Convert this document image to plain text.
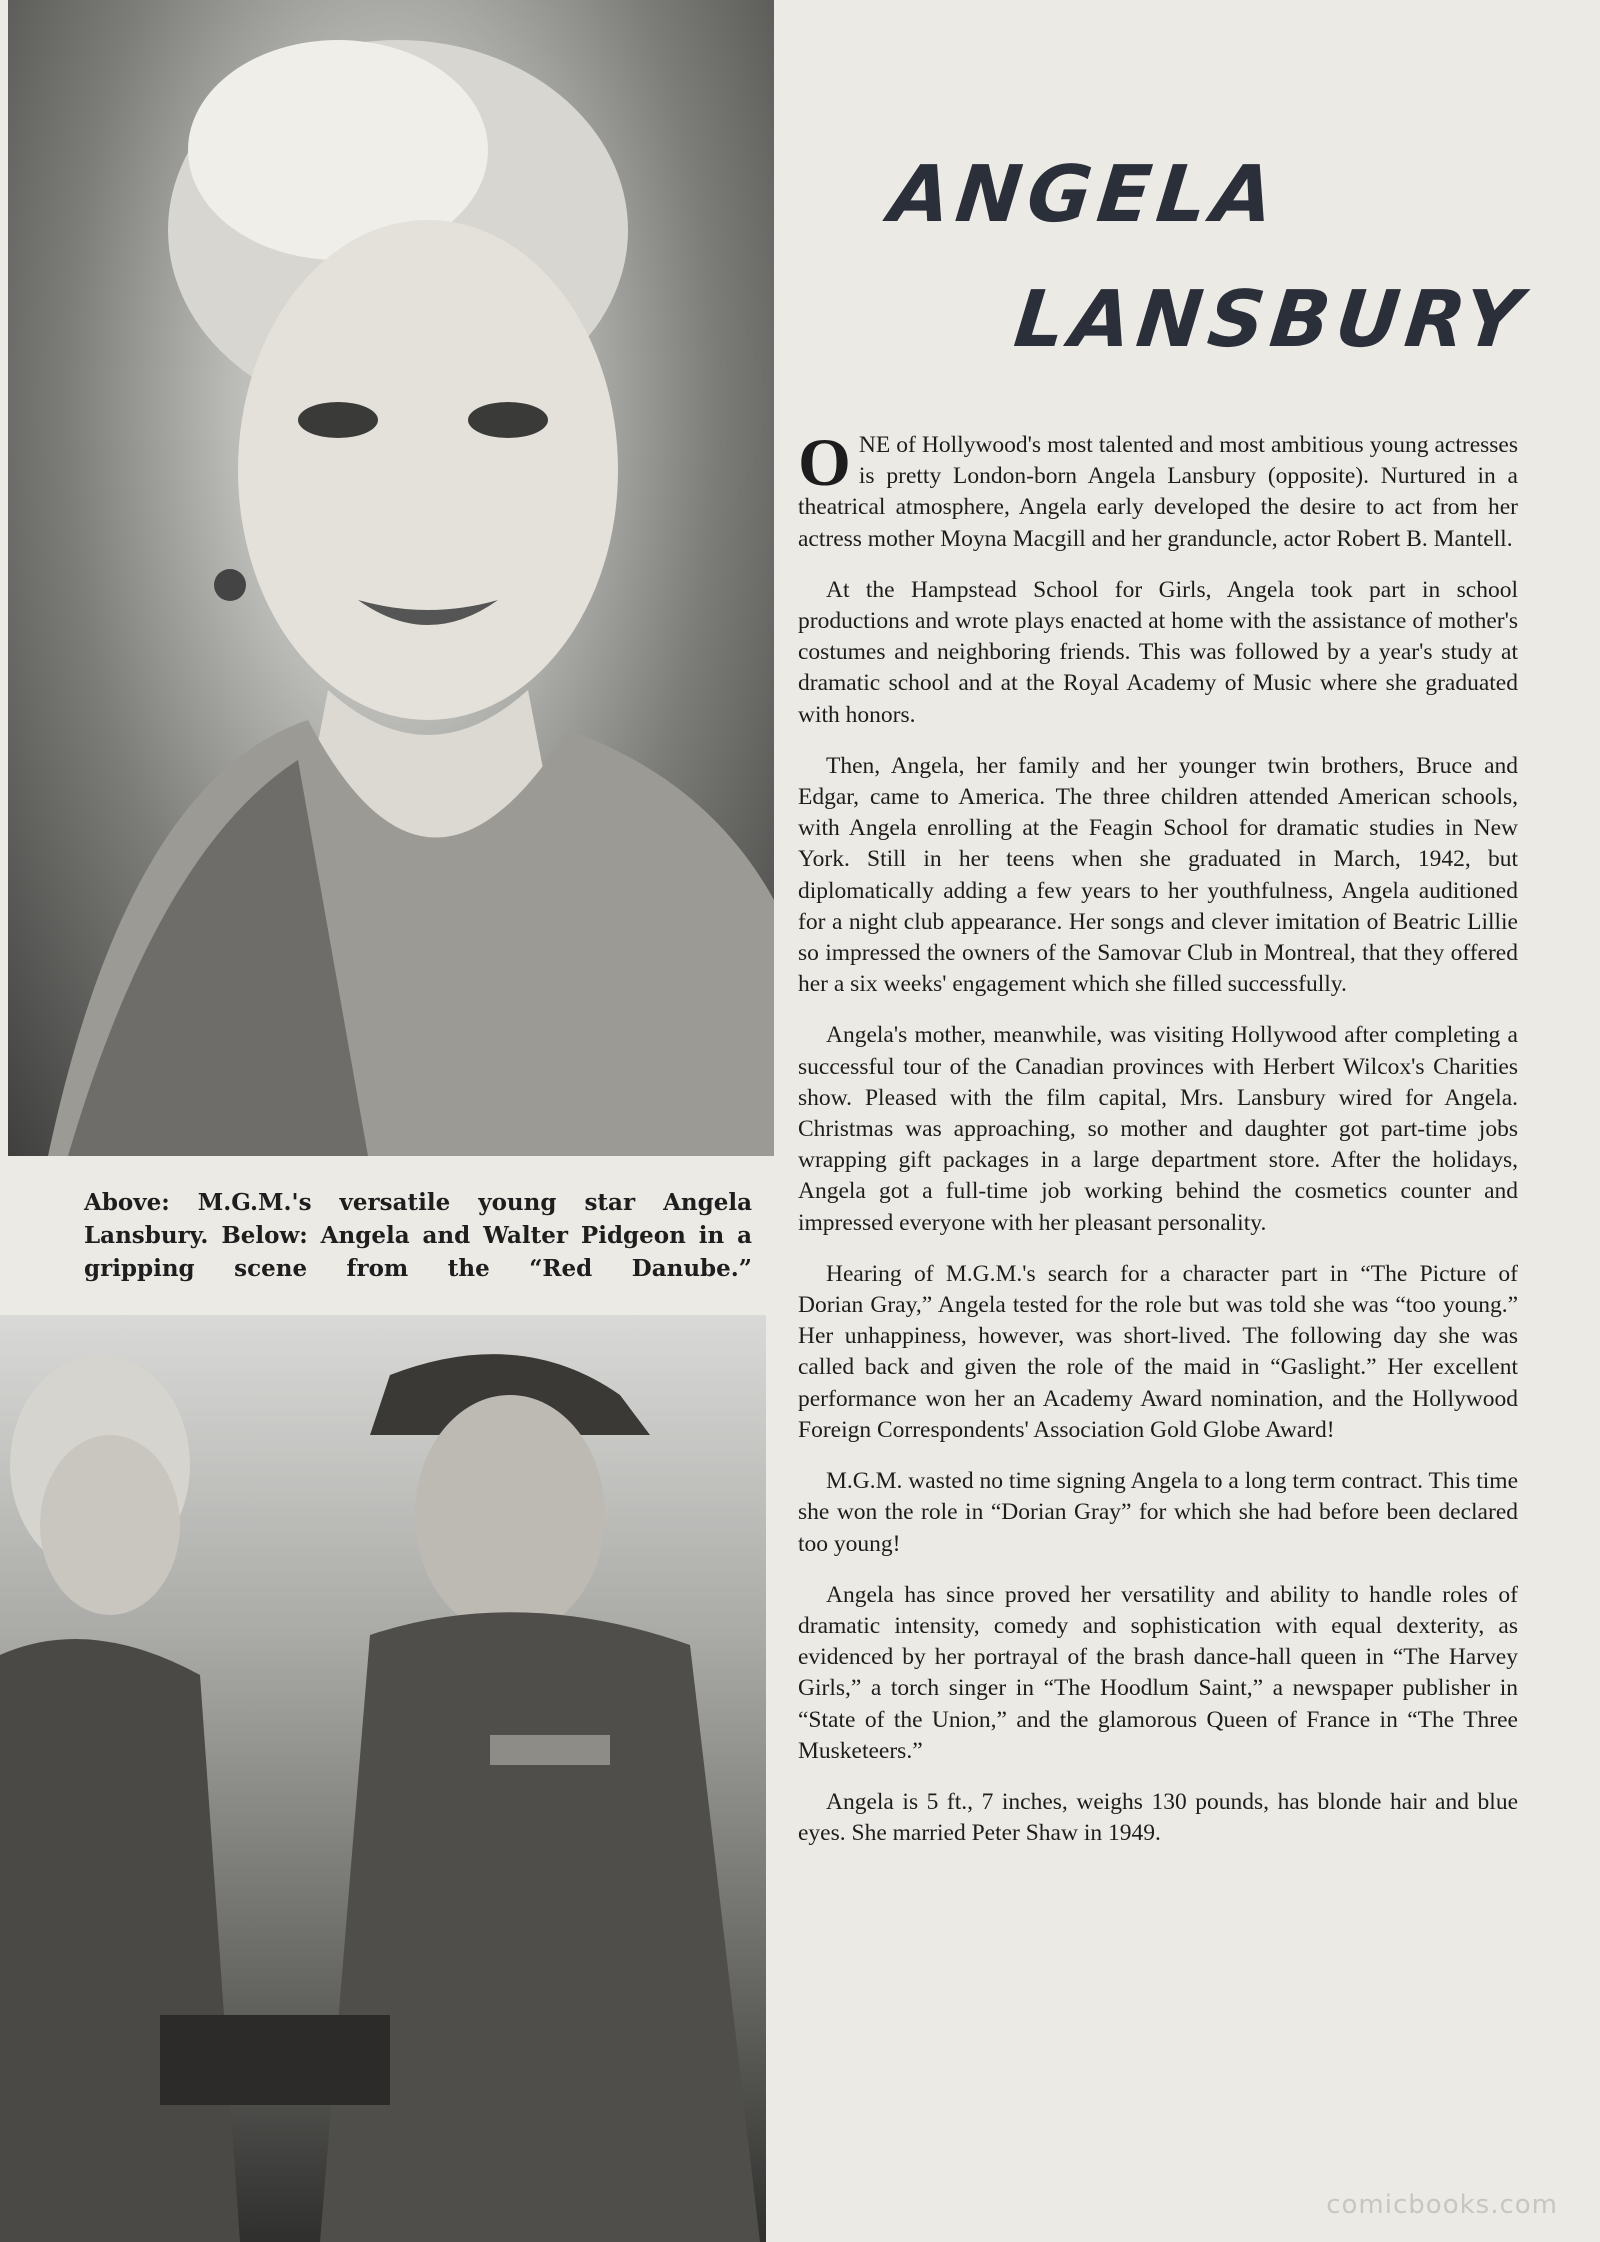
Above: M.G.M.'s versatile young star Angela Lansbury. Below: Angela and Walter Pidgeon in a gripping scene from the “Red Danube.”
ANGELA
LANSBURY

ONE of Hollywood's most talented and most ambitious young actresses is pretty London-born Angela Lansbury (opposite). Nurtured in a theatrical atmosphere, Angela early developed the desire to act from her actress mother Moyna Macgill and her granduncle, actor Robert B. Mantell.

At the Hampstead School for Girls, Angela took part in school productions and wrote plays enacted at home with the assistance of mother's costumes and neighboring friends. This was followed by a year's study at dramatic school and at the Royal Academy of Music where she graduated with honors.

Then, Angela, her family and her younger twin brothers, Bruce and Edgar, came to America. The three children attended American schools, with Angela enrolling at the Feagin School for dramatic studies in New York. Still in her teens when she graduated in March, 1942, but diplomatically adding a few years to her youthfulness, Angela auditioned for a night club appearance. Her songs and clever imitation of Beatric Lillie so impressed the owners of the Samovar Club in Montreal, that they offered her a six weeks' engagement which she filled successfully.

Angela's mother, meanwhile, was visiting Hollywood after completing a successful tour of the Canadian provinces with Herbert Wilcox's Charities show. Pleased with the film capital, Mrs. Lansbury wired for Angela. Christmas was approaching, so mother and daughter got part-time jobs wrapping gift packages in a large department store. After the holidays, Angela got a full-time job working behind the cosmetics counter and impressed everyone with her pleasant personality.

Hearing of M.G.M.'s search for a character part in “The Picture of Dorian Gray,” Angela tested for the role but was told she was “too young.” Her unhappiness, however, was short-lived. The following day she was called back and given the role of the maid in “Gaslight.” Her excellent performance won her an Academy Award nomination, and the Hollywood Foreign Correspondents' Association Gold Globe Award!

M.G.M. wasted no time signing Angela to a long term contract. This time she won the role in “Dorian Gray” for which she had before been declared too young!

Angela has since proved her versatility and ability to handle roles of dramatic intensity, comedy and sophistication with equal dexterity, as evidenced by her portrayal of the brash dance-hall queen in “The Harvey Girls,” a torch singer in “The Hoodlum Saint,” a newspaper publisher in “State of the Union,” and the glamorous Queen of France in “The Three Musketeers.”

Angela is 5 ft., 7 inches, weighs 130 pounds, has blonde hair and blue eyes. She married Peter Shaw in 1949.

comicbooks.com
